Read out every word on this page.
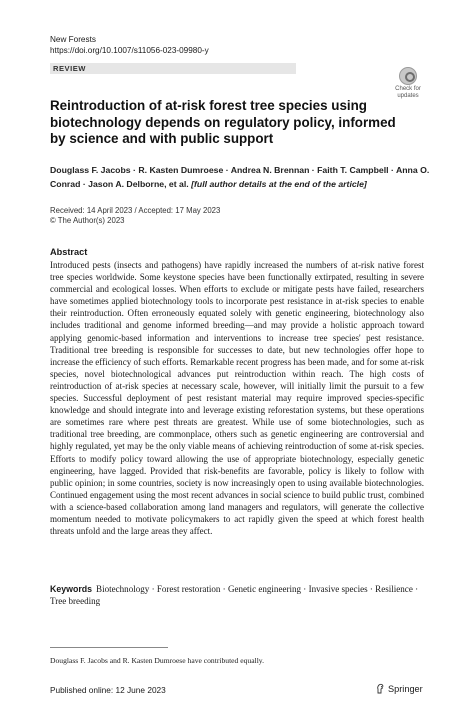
New Forests
https://doi.org/10.1007/s11056-023-09980-y
REVIEW
Check for
updates
Reintroduction of at-risk forest tree species using biotechnology depends on regulatory policy, informed by science and with public support
Douglass F. Jacobs · R. Kasten Dumroese · Andrea N. Brennan · Faith T. Campbell · Anna O. Conrad · Jason A. Delborne, et al. [full author details at the end of the article]
Received: 14 April 2023 / Accepted: 17 May 2023
© The Author(s) 2023
Abstract

Introduced pests (insects and pathogens) have rapidly increased the numbers of at-risk native forest tree species worldwide. Some keystone species have been functionally extirpated, resulting in severe commercial and ecological losses. When efforts to exclude or mitigate pests have failed, researchers have sometimes applied biotechnology tools to incorporate pest resistance in at-risk species to enable their reintroduction. Often erroneously equated solely with genetic engineering, biotechnology also includes traditional and genome informed breeding—and may provide a holistic approach toward applying genomic-based information and interventions to increase tree species' pest resistance. Traditional tree breeding is responsible for successes to date, but new technologies offer hope to increase the efficiency of such efforts. Remarkable recent progress has been made, and for some at-risk species, novel biotechnological advances put reintroduction within reach. The high costs of reintroduction of at-risk species at necessary scale, however, will initially limit the pursuit to a few species. Successful deployment of pest resistant material may require improved species-specific knowledge and should integrate into and leverage existing reforestation systems, but these operations are sometimes rare where pest threats are greatest. While use of some biotechnologies, such as traditional tree breeding, are commonplace, others such as genetic engineering are controversial and highly regulated, yet may be the only viable means of achieving reintroduction of some at-risk species. Efforts to modify policy toward allowing the use of appropriate biotechnology, especially genetic engineering, have lagged. Provided that risk-benefits are favorable, policy is likely to follow with public opinion; in some countries, society is now increasingly open to using available biotechnologies. Continued engagement using the most recent advances in social science to build public trust, combined with a science-based collaboration among land managers and regulators, will generate the collective momentum needed to motivate policymakers to act rapidly given the speed at which forest health threats unfold and the large areas they affect.

Keywords Biotechnology · Forest restoration · Genetic engineering · Invasive species · Resilience · Tree breeding
Douglass F. Jacobs and R. Kasten Dumroese have contributed equally.
Published online: 12 June 2023	Springer
